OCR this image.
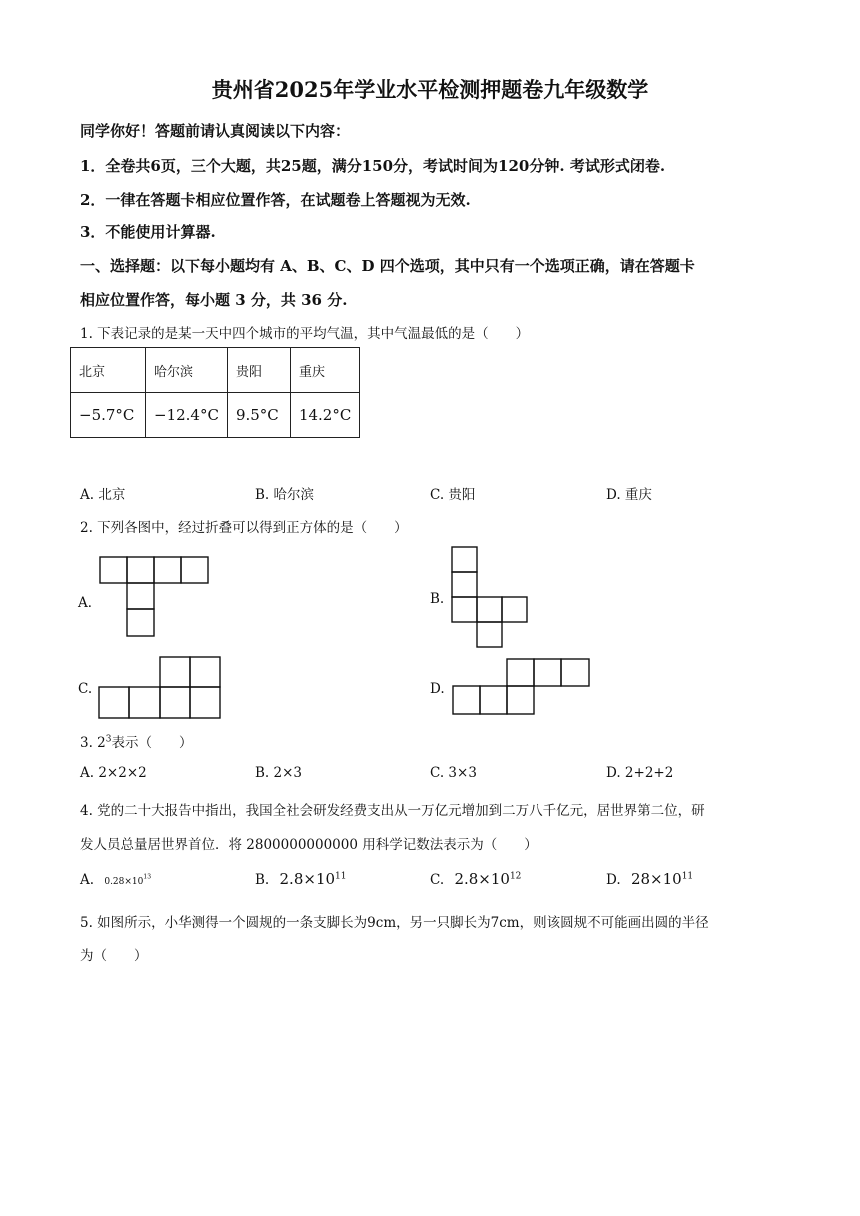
贵州省2025年学业水平检测押题卷九年级数学
同学你好！答题前请认真阅读以下内容：
1．全卷共6页，三个大题，共25题，满分150分，考试时间为120分钟. 考试形式闭卷.
2．一律在答题卡相应位置作答，在试题卷上答题视为无效.
3．不能使用计算器.
一、选择题：以下每小题均有 A、B、C、D 四个选项，其中只有一个选项正确，请在答题卡
相应位置作答，每小题 3 分，共 36 分.
1. 下表记录的是某一天中四个城市的平均气温，其中气温最低的是（　　）
北京	哈尔滨	贵阳	重庆
−5.7°C	−12.4°C	9.5°C	14.2°C
A. 北京	B. 哈尔滨	C. 贵阳	D. 重庆
2. 下列各图中，经过折叠可以得到正方体的是（　　）
A．	B.
C.	D.
3. $2^3$表示（　　）
A. 2×2×2	B. 2×3	C. 3×3	D. 2+2+2
4. 党的二十大报告中指出，我国全社会研发经费支出从一万亿元增加到二万八千亿元，居世界第二位，研
发人员总量居世界首位．将 2800000000000 用科学记数法表示为（　　）
A. $0.28\times 10^{13}$	B. $2.8\times 10^{11}$	C. $2.8\times 10^{12}$	D. $28\times 10^{11}$
5. 如图所示，小华测得一个圆规的一条支脚长为9cm，另一只脚长为7cm，则该圆规不可能画出圆的半径
为（　　）
